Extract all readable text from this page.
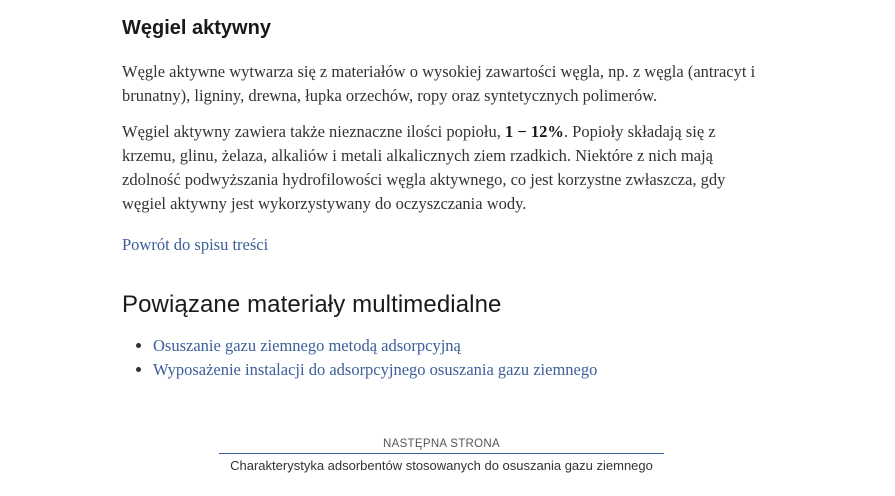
Węgiel aktywny

Węgle aktywne wytwarza się z materiałów o wysokiej zawartości węgla, np. z węgla (antracyt i brunatny), ligniny, drewna, łupka orzechów, ropy oraz syntetycznych polimerów.

Węgiel aktywny zawiera także nieznaczne ilości popiołu, 1 − 12%. Popioły składają się z krzemu, glinu, żelaza, alkaliów i metali alkalicznych ziem rzadkich. Niektóre z nich mają zdolność podwyższania hydrofilowości węgla aktywnego, co jest korzystne zwłaszcza, gdy węgiel aktywny jest wykorzystywany do oczyszczania wody.

Powrót do spisu treści
Powiązane materiały multimedialne
• Osuszanie gazu ziemnego metodą adsorpcyjną
• Wyposażenie instalacji do adsorpcyjnego osuszania gazu ziemnego
NASTĘPNA STRONA
Charakterystyka adsorbentów stosowanych do osuszania gazu ziemnego
